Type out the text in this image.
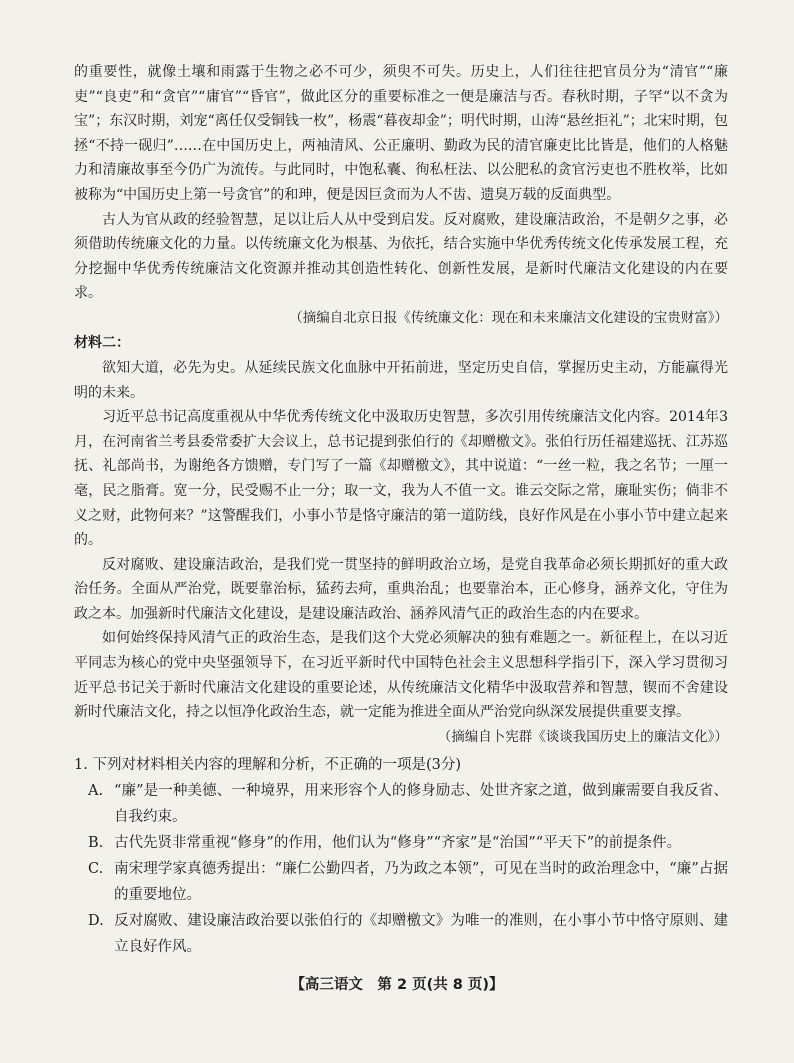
的重要性，就像土壤和雨露于生物之必不可少，须臾不可失。历史上，人们往往把官员分为“清官”“廉吏”“良吏”和“贪官”“庸官”“昏官”，做此区分的重要标准之一便是廉洁与否。春秋时期，子罕“以不贪为宝”；东汉时期，刘宠“离任仅受铜钱一枚”，杨震“暮夜却金”；明代时期，山涛“悬丝拒礼”；北宋时期，包拯“不持一砚归”……在中国历史上，两袖清风、公正廉明、勤政为民的清官廉吏比比皆是，他们的人格魅力和清廉故事至今仍广为流传。与此同时，中饱私囊、徇私枉法、以公肥私的贪官污吏也不胜枚举，比如被称为“中国历史上第一号贪官”的和珅，便是因巨贪而为人不齿、遗臭万载的反面典型。

古人为官从政的经验智慧，足以让后人从中受到启发。反对腐败，建设廉洁政治，不是朝夕之事，必须借助传统廉文化的力量。以传统廉文化为根基、为依托，结合实施中华优秀传统文化传承发展工程，充分挖掘中华优秀传统廉洁文化资源并推动其创造性转化、创新性发展，是新时代廉洁文化建设的内在要求。

（摘编自北京日报《传统廉文化：现在和未来廉洁文化建设的宝贵财富》）

材料二：

欲知大道，必先为史。从延续民族文化血脉中开拓前进，坚定历史自信，掌握历史主动，方能赢得光明的未来。

习近平总书记高度重视从中华优秀传统文化中汲取历史智慧，多次引用传统廉洁文化内容。2014年3月，在河南省兰考县委常委扩大会议上，总书记提到张伯行的《却赠檄文》。张伯行历任福建巡抚、江苏巡抚、礼部尚书，为谢绝各方馈赠，专门写了一篇《却赠檄文》，其中说道：“一丝一粒，我之名节；一厘一毫，民之脂膏。宽一分，民受赐不止一分；取一文，我为人不值一文。谁云交际之常，廉耻实伤；倘非不义之财，此物何来？”这警醒我们，小事小节是恪守廉洁的第一道防线，良好作风是在小事小节中建立起来的。

反对腐败、建设廉洁政治，是我们党一贯坚持的鲜明政治立场，是党自我革命必须长期抓好的重大政治任务。全面从严治党，既要靠治标，猛药去疴，重典治乱；也要靠治本，正心修身，涵养文化，守住为政之本。加强新时代廉洁文化建设，是建设廉洁政治、涵养风清气正的政治生态的内在要求。

如何始终保持风清气正的政治生态，是我们这个大党必须解决的独有难题之一。新征程上，在以习近平同志为核心的党中央坚强领导下，在习近平新时代中国特色社会主义思想科学指引下，深入学习贯彻习近平总书记关于新时代廉洁文化建设的重要论述，从传统廉洁文化精华中汲取营养和智慧，锲而不舍建设新时代廉洁文化，持之以恒净化政治生态，就一定能为推进全面从严治党向纵深发展提供重要支撑。

（摘编自卜宪群《谈谈我国历史上的廉洁文化》）

1. 下列对材料相关内容的理解和分析，不正确的一项是(3分)

A. “廉”是一种美德、一种境界，用来形容个人的修身励志、处世齐家之道，做到廉需要自我反省、自我约束。

B. 古代先贤非常重视“修身”的作用，他们认为“修身”“齐家”是“治国”“平天下”的前提条件。

C. 南宋理学家真德秀提出：“廉仁公勤四者，乃为政之本领”，可见在当时的政治理念中，“廉”占据的重要地位。

D. 反对腐败、建设廉洁政治要以张伯行的《却赠檄文》为唯一的准则，在小事小节中恪守原则、建立良好作风。

【高三语文　第 2 页(共 8 页)】
